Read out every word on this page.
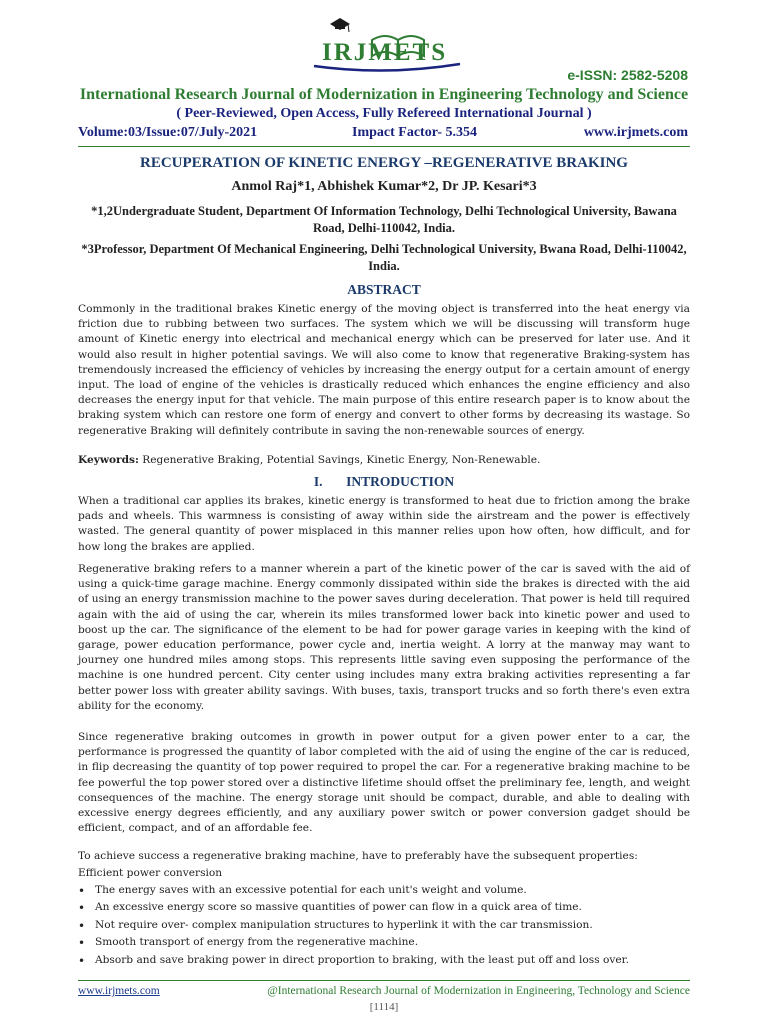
IRJMETS
e-ISSN: 2582-5208
International Research Journal of Modernization in Engineering Technology and Science
( Peer-Reviewed, Open Access, Fully Refereed International Journal )
Volume:03/Issue:07/July-2021	Impact Factor- 5.354	www.irjmets.com
RECUPERATION OF KINETIC ENERGY –REGENERATIVE BRAKING
Anmol Raj*1, Abhishek Kumar*2, Dr JP. Kesari*3
*1,2Undergraduate Student, Department Of Information Technology, Delhi Technological University, Bawana Road, Delhi-110042, India.
*3Professor, Department Of Mechanical Engineering, Delhi Technological University, Bwana Road, Delhi-110042, India.
ABSTRACT

Commonly in the traditional brakes Kinetic energy of the moving object is transferred into the heat energy via friction due to rubbing between two surfaces. The system which we will be discussing will transform huge amount of Kinetic energy into electrical and mechanical energy which can be preserved for later use. And it would also result in higher potential savings. We will also come to know that regenerative Braking-system has tremendously increased the efficiency of vehicles by increasing the energy output for a certain amount of energy input. The load of engine of the vehicles is drastically reduced which enhances the engine efficiency and also decreases the energy input for that vehicle. The main purpose of this entire research paper is to know about the braking system which can restore one form of energy and convert to other forms by decreasing its wastage. So regenerative Braking will definitely contribute in saving the non-renewable sources of energy.

Keywords: Regenerative Braking, Potential Savings, Kinetic Energy, Non-Renewable.

I.       INTRODUCTION

When a traditional car applies its brakes, kinetic energy is transformed to heat due to friction among the brake pads and wheels. This warmness is consisting of away within side the airstream and the power is effectively wasted. The general quantity of power misplaced in this manner relies upon how often, how difficult, and for how long the brakes are applied.

Regenerative braking refers to a manner wherein a part of the kinetic power of the car is saved with the aid of using a quick-time garage machine. Energy commonly dissipated within side the brakes is directed with the aid of using an energy transmission machine to the power saves during deceleration. That power is held till required again with the aid of using the car, wherein its miles transformed lower back into kinetic power and used to boost up the car. The significance of the element to be had for power garage varies in keeping with the kind of garage, power education performance, power cycle and, inertia weight. A lorry at the manway may want to journey one hundred miles among stops. This represents little saving even supposing the performance of the machine is one hundred percent. City center using includes many extra braking activities representing a far better power loss with greater ability savings. With buses, taxis, transport trucks and so forth there's even extra ability for the economy.

Since regenerative braking outcomes in growth in power output for a given power enter to a car, the performance is progressed the quantity of labor completed with the aid of using the engine of the car is reduced, in flip decreasing the quantity of top power required to propel the car. For a regenerative braking machine to be fee powerful the top power stored over a distinctive lifetime should offset the preliminary fee, length, and weight consequences of the machine. The energy storage unit should be compact, durable, and able to dealing with excessive energy degrees efficiently, and any auxiliary power switch or power conversion gadget should be efficient, compact, and of an affordable fee.

To achieve success a regenerative braking machine, have to preferably have the subsequent properties:

Efficient power conversion

• The energy saves with an excessive potential for each unit's weight and volume.
• An excessive energy score so massive quantities of power can flow in a quick area of time.
• Not require over- complex manipulation structures to hyperlink it with the car transmission.
• Smooth transport of energy from the regenerative machine.
• Absorb and save braking power in direct proportion to braking, with the least put off and loss over.
www.irjmets.com	@International Research Journal of Modernization in Engineering, Technology and Science
[1114]
